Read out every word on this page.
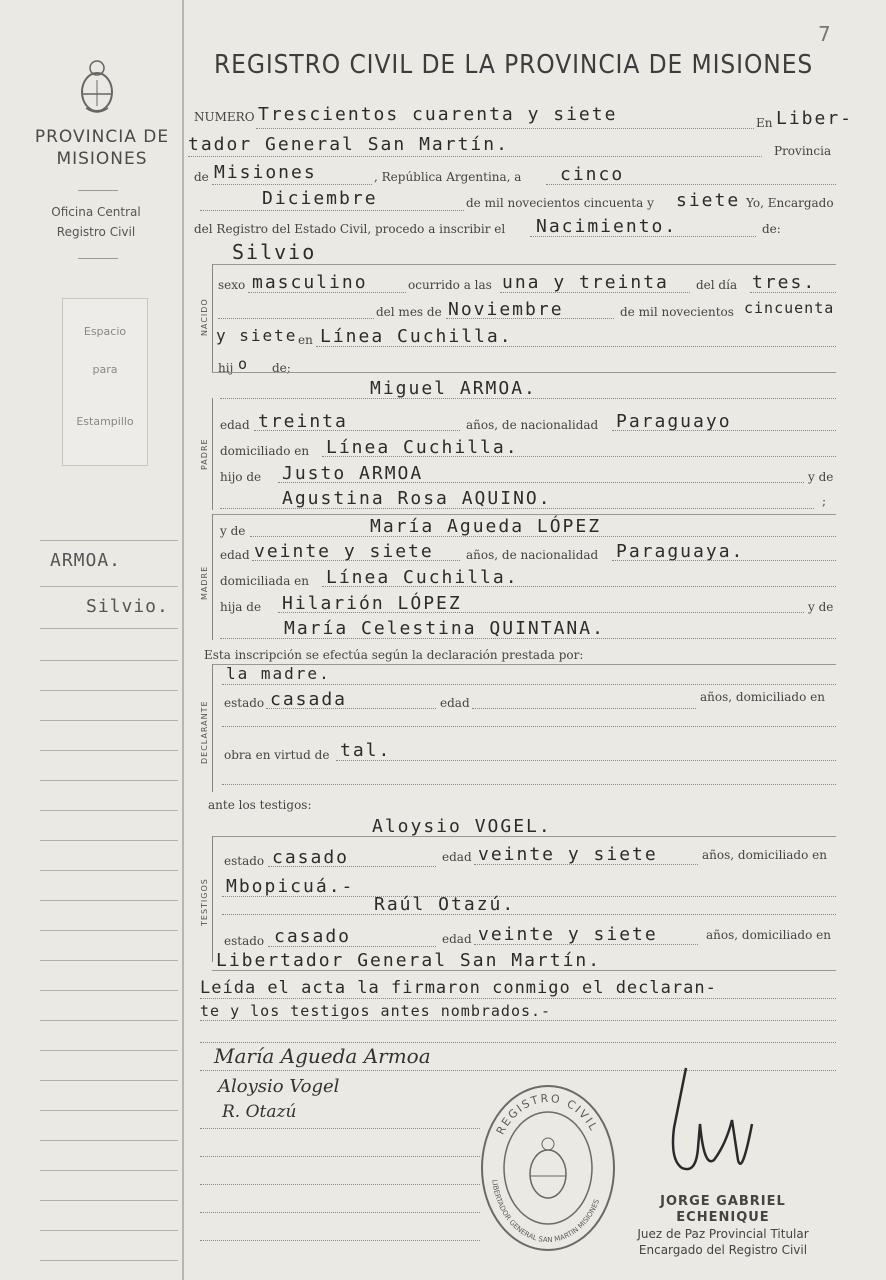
PROVINCIA DE MISIONES
Oficina Central
Registro Civil
Espacio
para
Estampillo
ARMOA.
Silvio.
REGISTRO CIVIL DE LA PROVINCIA DE MISIONES
7
NUMERO Trescientos cuarenta y siete	En Liber-
tador General San Martín.	Provincia
de Misiones	, República Argentina, a cinco
Diciembre	de mil novecientos cincuenta y siete Yo, Encargado
del Registro del Estado Civil, procedo a inscribir el Nacimiento.	de:
Silvio
NACIDO
sexo masculino	ocurrido a las una y treinta del día tres.
del mes de Noviembre	de mil novecientos cincuenta
y siete en Línea Cuchilla.
hij o de;
Miguel ARMOA.
PADRE
edad treinta	años, de nacionalidad Paraguayo
domiciliado en Línea Cuchilla.
hijo de Justo ARMOA	y de
Agustina Rosa AQUINO.	;
MADRE
y de	María Agueda LÓPEZ
edad veinte y siete	años, de nacionalidad Paraguaya.
domiciliada en Línea Cuchilla.
hija de Hilarión LÓPEZ	y de
María Celestina QUINTANA.
Esta inscripción se efectúa según la declaración prestada por:
la madre.
DECLARANTE estado casada	edad	años, domiciliado en
obra en virtud de tal.
ante los testigos:
Aloysio VOGEL.
TESTIGOS
estado casado	edad veinte y siete	años, domiciliado en
Mbopicuá.-
Raúl Otazú.
estado casado	edad veinte y siete	años, domiciliado en
Libertador General San Martín.
Leída el acta la firmaron conmigo el declaran-
te y los testigos antes nombrados.-
María Agueda Armoa
Aloysio Vogel
R. Otazú
REGISTRO CIVIL
LIBERTADOR GENERAL SAN MARTIN MISIONES	JORGE GABRIEL ECHENIQUE
Juez de Paz Provincial Titular
Encargado del Registro Civil
